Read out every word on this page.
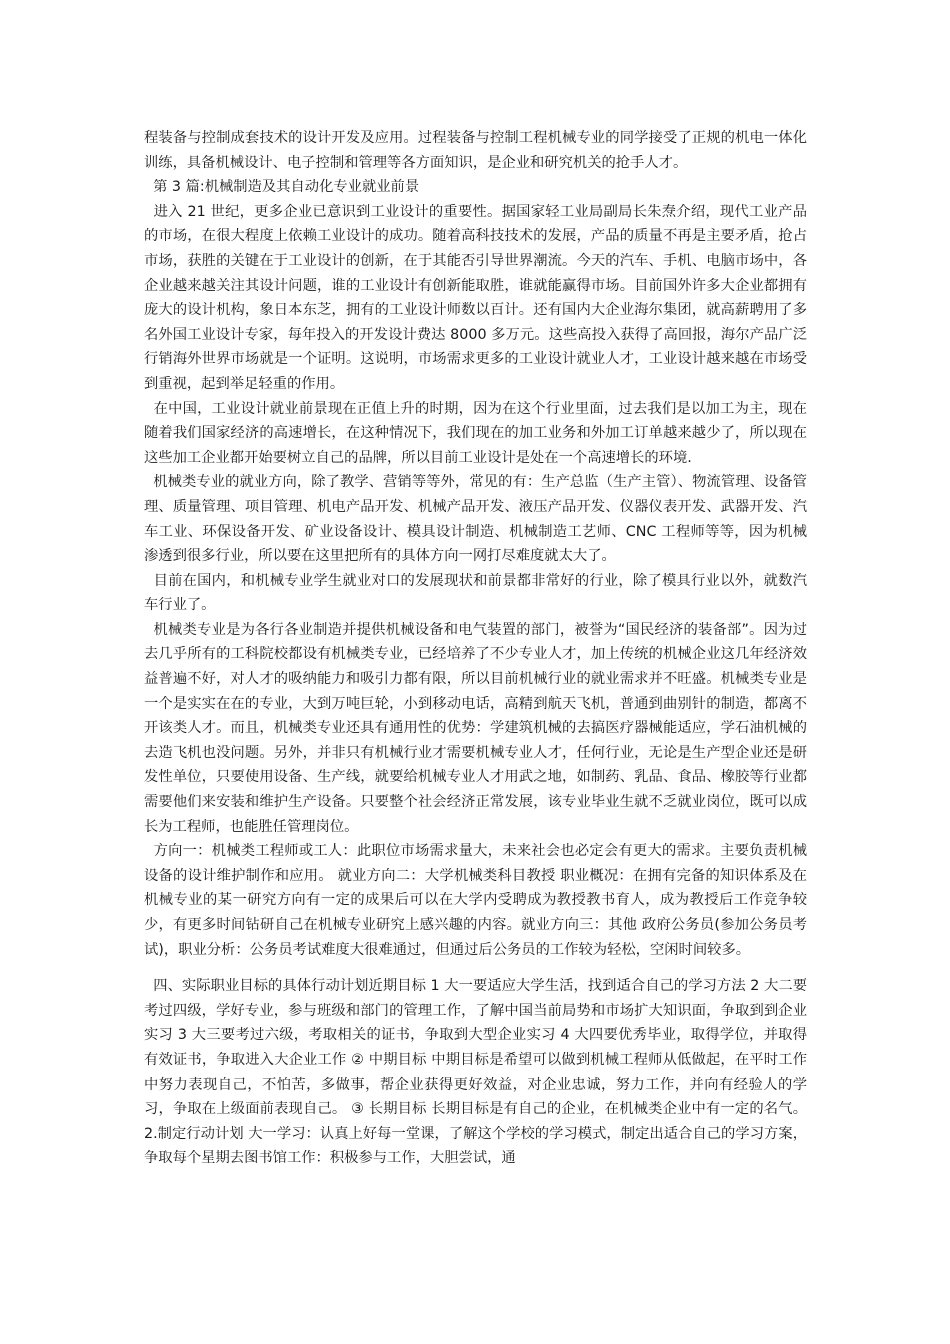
程装备与控制成套技术的设计开发及应用。过程装备与控制工程机械专业的同学接受了正规的机电一体化训练，具备机械设计、电子控制和管理等各方面知识，是企业和研究机关的抢手人才。

第 3 篇:机械制造及其自动化专业就业前景

进入 21 世纪，更多企业已意识到工业设计的重要性。据国家轻工业局副局长朱焘介绍，现代工业产品的市场，在很大程度上依赖工业设计的成功。随着高科技技术的发展，产品的质量不再是主要矛盾，抢占市场，获胜的关键在于工业设计的创新，在于其能否引导世界潮流。今天的汽车、手机、电脑市场中，各企业越来越关注其设计问题，谁的工业设计有创新能取胜，谁就能赢得市场。目前国外许多大企业都拥有庞大的设计机构，象日本东芝，拥有的工业设计师数以百计。还有国内大企业海尔集团，就高薪聘用了多名外国工业设计专家，每年投入的开发设计费达 8000 多万元。这些高投入获得了高回报，海尔产品广泛行销海外世界市场就是一个证明。这说明，市场需求更多的工业设计就业人才，工业设计越来越在市场受到重视，起到举足轻重的作用。

在中国，工业设计就业前景现在正值上升的时期，因为在这个行业里面，过去我们是以加工为主，现在随着我们国家经济的高速增长，在这种情况下，我们现在的加工业务和外加工订单越来越少了，所以现在这些加工企业都开始要树立自己的品牌，所以目前工业设计是处在一个高速增长的环境.

机械类专业的就业方向，除了教学、营销等等外，常见的有：生产总监（生产主管）、物流管理、设备管理、质量管理、项目管理、机电产品开发、机械产品开发、液压产品开发、仪器仪表开发、武器开发、汽车工业、环保设备开发、矿业设备设计、模具设计制造、机械制造工艺师、CNC 工程师等等，因为机械渗透到很多行业，所以要在这里把所有的具体方向一网打尽难度就太大了。

目前在国内，和机械专业学生就业对口的发展现状和前景都非常好的行业，除了模具行业以外，就数汽车行业了。

机械类专业是为各行各业制造并提供机械设备和电气装置的部门，被誉为“国民经济的装备部”。因为过去几乎所有的工科院校都设有机械类专业，已经培养了不少专业人才，加上传统的机械企业这几年经济效益普遍不好，对人才的吸纳能力和吸引力都有限，所以目前机械行业的就业需求并不旺盛。机械类专业是一个是实实在在的专业，大到万吨巨轮，小到移动电话，高精到航天飞机，普通到曲别针的制造，都离不开该类人才。而且，机械类专业还具有通用性的优势：学建筑机械的去搞医疗器械能适应，学石油机械的去造飞机也没问题。另外，并非只有机械行业才需要机械专业人才，任何行业，无论是生产型企业还是研发性单位，只要使用设备、生产线，就要给机械专业人才用武之地，如制药、乳品、食品、橡胶等行业都需要他们来安装和维护生产设备。只要整个社会经济正常发展，该专业毕业生就不乏就业岗位，既可以成长为工程师，也能胜任管理岗位。

方向一：机械类工程师或工人：此职位市场需求量大，未来社会也必定会有更大的需求。主要负责机械设备的设计维护制作和应用。 就业方向二：大学机械类科目教授 职业概况：在拥有完备的知识体系及在机械专业的某一研究方向有一定的成果后可以在大学内受聘成为教授教书育人，成为教授后工作竞争较少，有更多时间钻研自己在机械专业研究上感兴趣的内容。就业方向三：其他 政府公务员(参加公务员考试)，职业分析：公务员考试难度大很难通过，但通过后公务员的工作较为轻松，空闲时间较多。

四、实际职业目标的具体行动计划近期目标 1 大一要适应大学生活，找到适合自己的学习方法 2 大二要考过四级，学好专业，参与班级和部门的管理工作，了解中国当前局势和市场扩大知识面，争取到到企业实习 3 大三要考过六级，考取相关的证书，争取到大型企业实习 4 大四要优秀毕业，取得学位，并取得有效证书，争取进入大企业工作 ② 中期目标 中期目标是希望可以做到机械工程师从低做起，在平时工作中努力表现自己，不怕苦，多做事，帮企业获得更好效益，对企业忠诚，努力工作，并向有经验人的学习，争取在上级面前表现自己。 ③ 长期目标 长期目标是有自己的企业，在机械类企业中有一定的名气。2.制定行动计划 大一学习：认真上好每一堂课，了解这个学校的学习模式，制定出适合自己的学习方案，争取每个星期去图书馆工作：积极参与工作，大胆尝试，通
